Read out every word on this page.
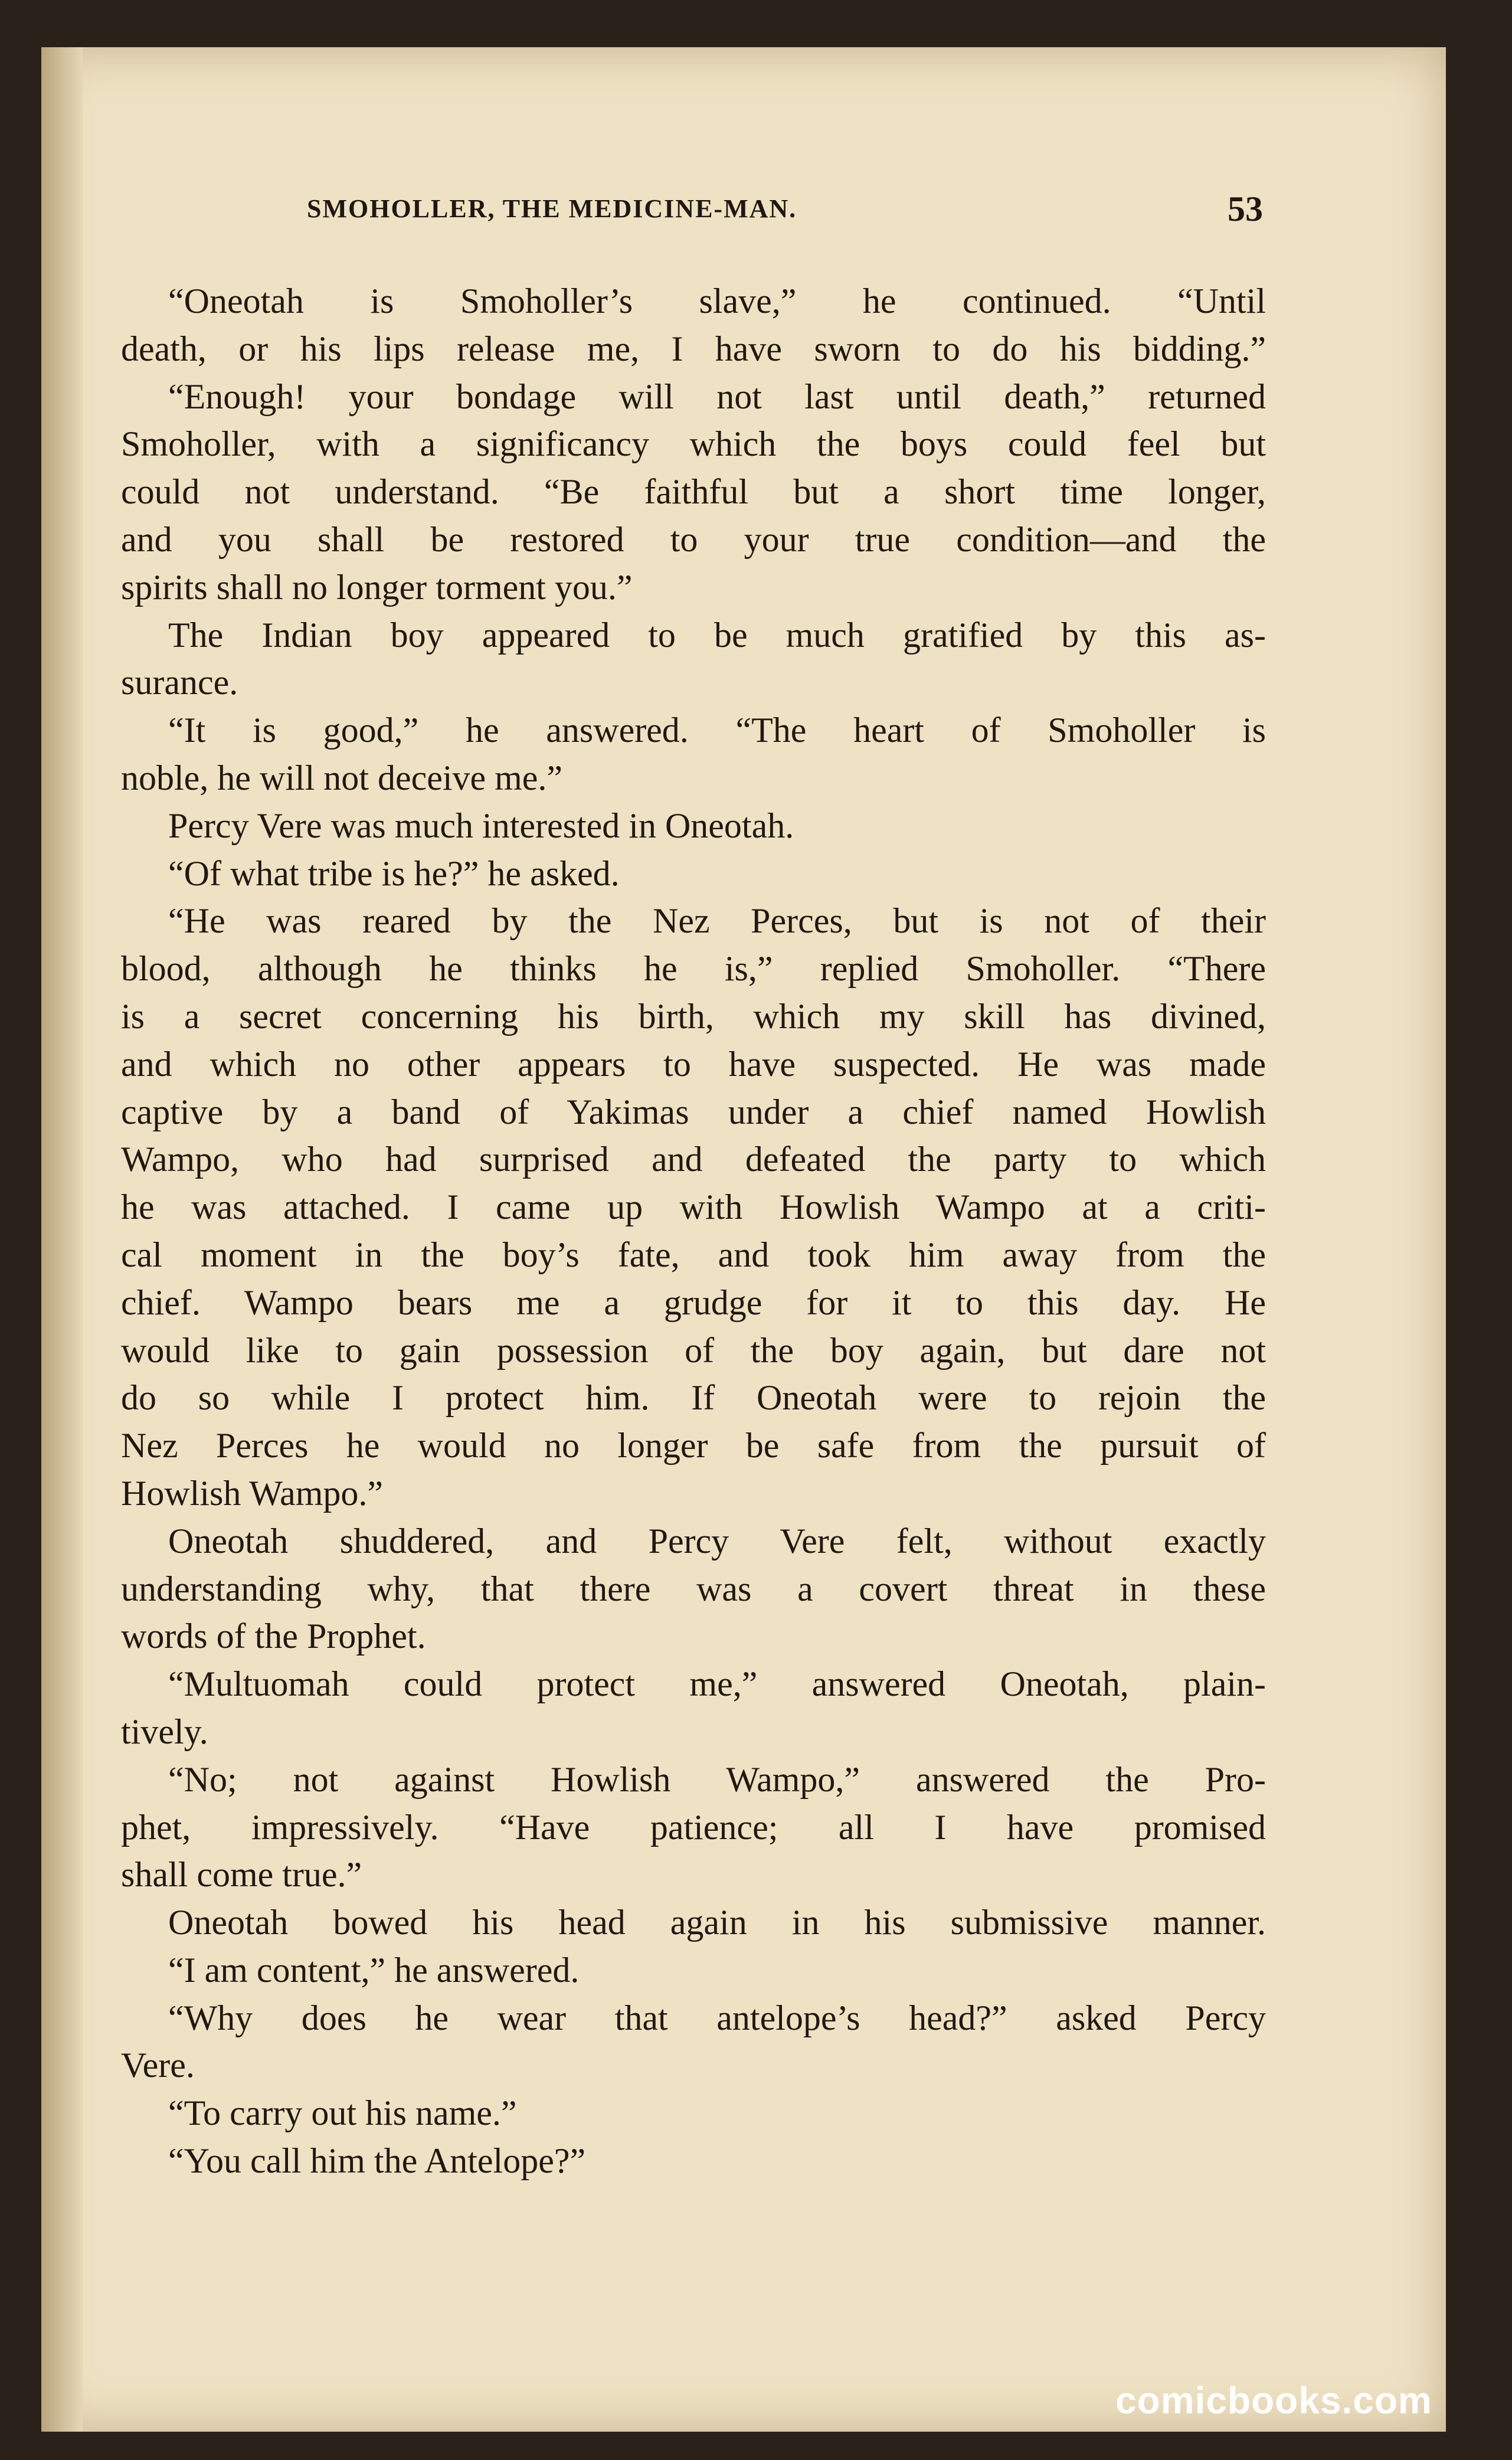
SMOHOLLER, THE MEDICINE-MAN.	53
“Oneotah is Smoholler’s slave,” he continued. “Until
death, or his lips release me, I have sworn to do his bidding.”
“Enough! your bondage will not last until death,” returned
Smoholler, with a significancy which the boys could feel but
could not understand. “Be faithful but a short time longer,
and you shall be restored to your true condition—and the
spirits shall no longer torment you.”
The Indian boy appeared to be much gratified by this as-
surance.
“It is good,” he answered. “The heart of Smoholler is
noble, he will not deceive me.”
Percy Vere was much interested in Oneotah.
“Of what tribe is he?” he asked.
“He was reared by the Nez Perces, but is not of their
blood, although he thinks he is,” replied Smoholler. “There
is a secret concerning his birth, which my skill has divined,
and which no other appears to have suspected. He was made
captive by a band of Yakimas under a chief named Howlish
Wampo, who had surprised and defeated the party to which
he was attached. I came up with Howlish Wampo at a criti-
cal moment in the boy’s fate, and took him away from the
chief. Wampo bears me a grudge for it to this day. He
would like to gain possession of the boy again, but dare not
do so while I protect him. If Oneotah were to rejoin the
Nez Perces he would no longer be safe from the pursuit of
Howlish Wampo.”
Oneotah shuddered, and Percy Vere felt, without exactly
understanding why, that there was a covert threat in these
words of the Prophet.
“Multuomah could protect me,” answered Oneotah, plain-
tively.
“No; not against Howlish Wampo,” answered the Pro-
phet, impressively. “Have patience; all I have promised
shall come true.”
Oneotah bowed his head again in his submissive manner.
“I am content,” he answered.
“Why does he wear that antelope’s head?” asked Percy
Vere.
“To carry out his name.”
“You call him the Antelope?”
comicbooks.com
